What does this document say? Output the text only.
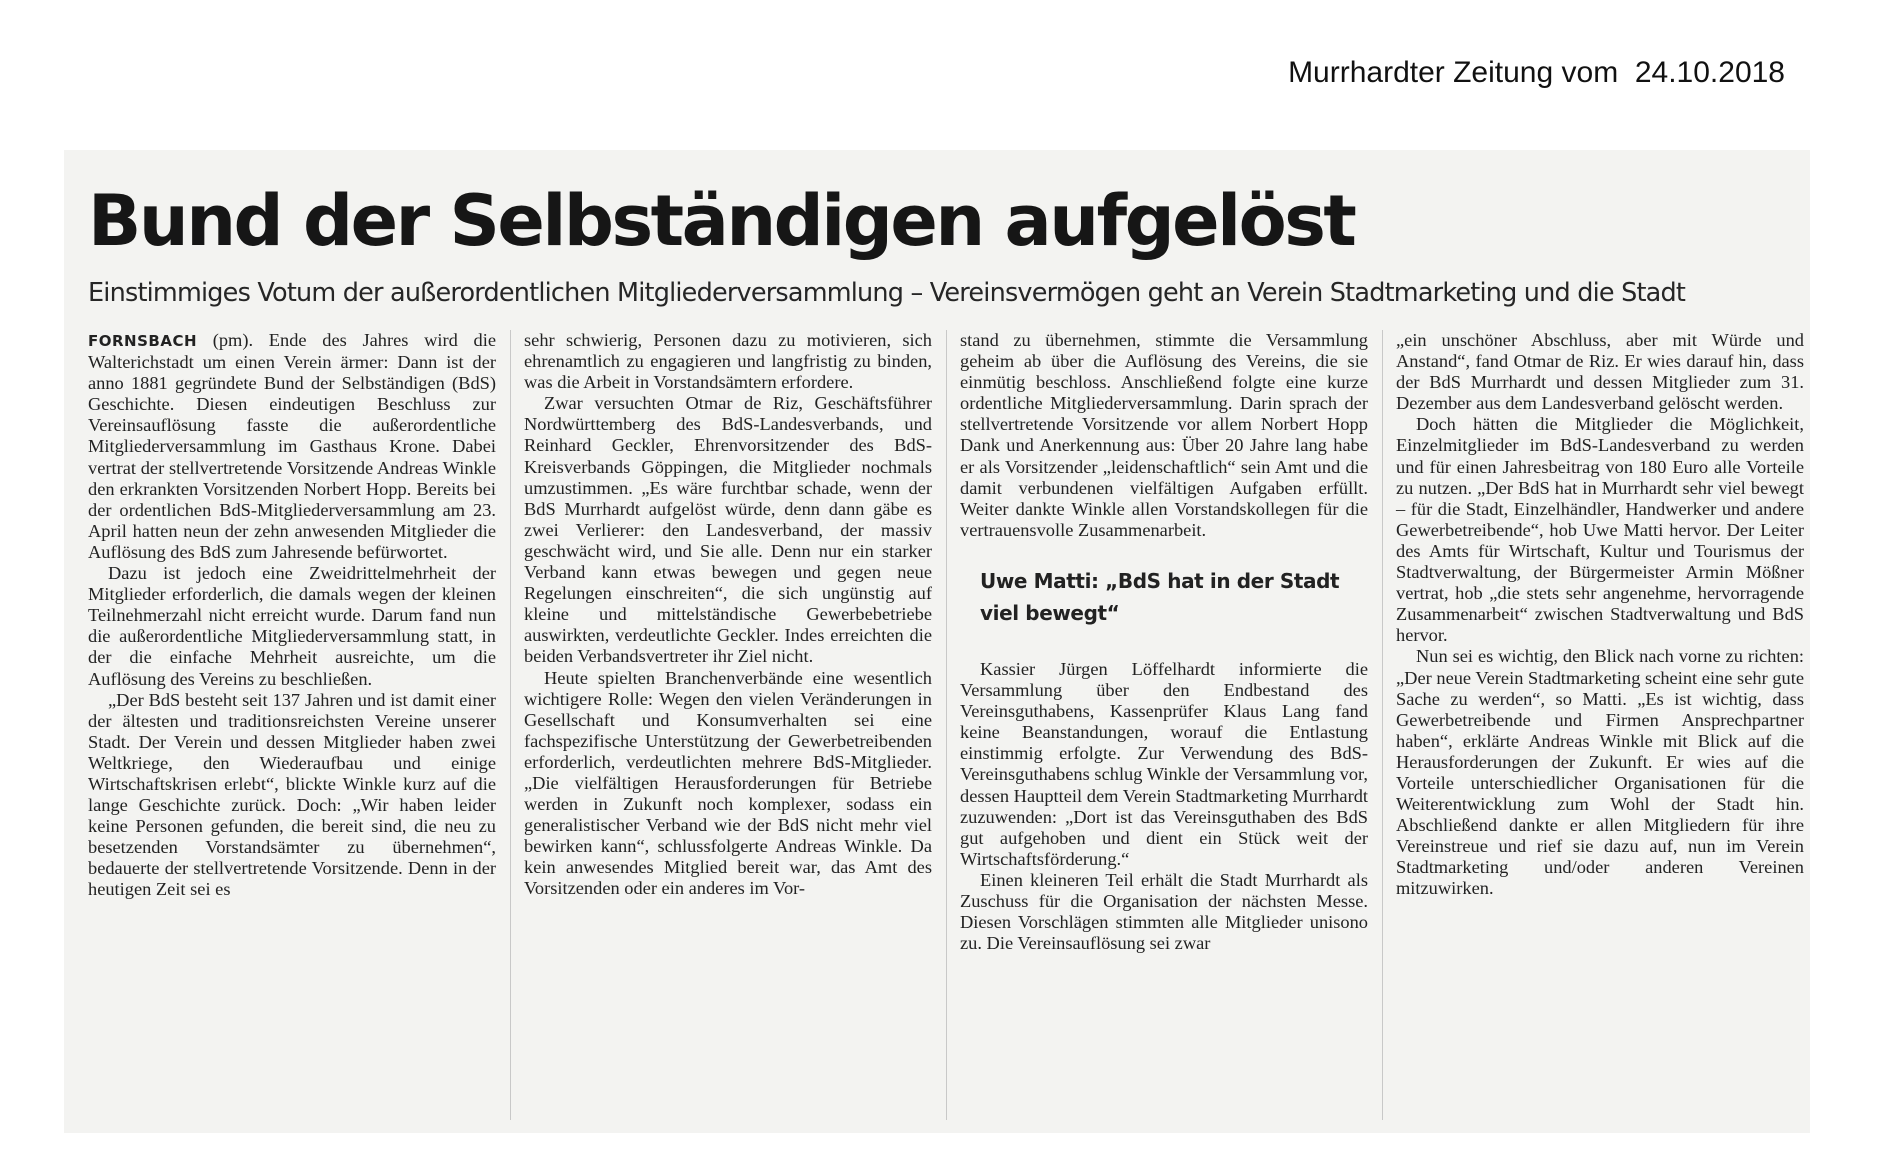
Murrhardter Zeitung vom  24.10.2018
Bund der Selbständigen aufgelöst
Einstimmiges Votum der außerordentlichen Mitgliederversammlung – Vereinsvermögen geht an Verein Stadtmarketing und die Stadt

FORNSBACH (pm). Ende des Jahres wird die Walterichstadt um einen Verein ärmer: Dann ist der anno 1881 gegründete Bund der Selbständigen (BdS) Geschichte. Diesen eindeutigen Beschluss zur Vereinsauflösung fasste die außerordentliche Mitgliederversammlung im Gasthaus Krone. Dabei vertrat der stellvertretende Vorsitzende Andreas Winkle den erkrankten Vorsitzenden Norbert Hopp. Bereits bei der ordentlichen BdS-Mitgliederversammlung am 23. April hatten neun der zehn anwesenden Mitglieder die Auflösung des BdS zum Jahresende befürwortet.

Dazu ist jedoch eine Zweidrittelmehrheit der Mitglieder erforderlich, die damals wegen der kleinen Teilnehmerzahl nicht erreicht wurde. Darum fand nun die außerordentliche Mitgliederversammlung statt, in der die einfache Mehrheit ausreichte, um die Auflösung des Vereins zu beschließen.

„Der BdS besteht seit 137 Jahren und ist damit einer der ältesten und traditionsreichsten Vereine unserer Stadt. Der Verein und dessen Mitglieder haben zwei Weltkriege, den Wiederaufbau und einige Wirtschaftskrisen erlebt“, blickte Winkle kurz auf die lange Geschichte zurück. Doch: „Wir haben leider keine Personen gefunden, die bereit sind, die neu zu besetzenden Vorstandsämter zu übernehmen“, bedauerte der stellvertretende Vorsitzende. Denn in der heutigen Zeit sei es

sehr schwierig, Personen dazu zu motivieren, sich ehrenamtlich zu engagieren und langfristig zu binden, was die Arbeit in Vorstandsämtern erfordere.

Zwar versuchten Otmar de Riz, Geschäftsführer Nordwürttemberg des BdS-Landesverbands, und Reinhard Geckler, Ehrenvorsitzender des BdS-Kreisverbands Göppingen, die Mitglieder nochmals umzustimmen. „Es wäre furchtbar schade, wenn der BdS Murrhardt aufgelöst würde, denn dann gäbe es zwei Verlierer: den Landesverband, der massiv geschwächt wird, und Sie alle. Denn nur ein starker Verband kann etwas bewegen und gegen neue Regelungen einschreiten“, die sich ungünstig auf kleine und mittelständische Gewerbebetriebe auswirkten, verdeutlichte Geckler. Indes erreichten die beiden Verbandsvertreter ihr Ziel nicht.

Heute spielten Branchenverbände eine wesentlich wichtigere Rolle: Wegen den vielen Veränderungen in Gesellschaft und Konsumverhalten sei eine fachspezifische Unterstützung der Gewerbetreibenden erforderlich, verdeutlichten mehrere BdS-Mitglieder. „Die vielfältigen Herausforderungen für Betriebe werden in Zukunft noch komplexer, sodass ein generalistischer Verband wie der BdS nicht mehr viel bewirken kann“, schlussfolgerte Andreas Winkle. Da kein anwesendes Mitglied bereit war, das Amt des Vorsitzenden oder ein anderes im Vor-

stand zu übernehmen, stimmte die Versammlung geheim ab über die Auflösung des Vereins, die sie einmütig beschloss. Anschließend folgte eine kurze ordentliche Mitgliederversammlung. Darin sprach der stellvertretende Vorsitzende vor allem Norbert Hopp Dank und Anerkennung aus: Über 20 Jahre lang habe er als Vorsitzender „leidenschaftlich“ sein Amt und die damit verbundenen vielfältigen Aufgaben erfüllt. Weiter dankte Winkle allen Vorstandskollegen für die vertrauensvolle Zusammenarbeit.

Uwe Matti: „BdS hat in der Stadt viel bewegt“

Kassier Jürgen Löffelhardt informierte die Versammlung über den Endbestand des Vereinsguthabens, Kassenprüfer Klaus Lang fand keine Beanstandungen, worauf die Entlastung einstimmig erfolgte. Zur Verwendung des BdS-Vereinsguthabens schlug Winkle der Versammlung vor, dessen Hauptteil dem Verein Stadtmarketing Murrhardt zuzuwenden: „Dort ist das Vereinsguthaben des BdS gut aufgehoben und dient ein Stück weit der Wirtschaftsförderung.“

Einen kleineren Teil erhält die Stadt Murrhardt als Zuschuss für die Organisation der nächsten Messe. Diesen Vorschlägen stimmten alle Mitglieder unisono zu. Die Vereinsauflösung sei zwar

„ein unschöner Abschluss, aber mit Würde und Anstand“, fand Otmar de Riz. Er wies darauf hin, dass der BdS Murrhardt und dessen Mitglieder zum 31. Dezember aus dem Landesverband gelöscht werden.

Doch hätten die Mitglieder die Möglichkeit, Einzelmitglieder im BdS-Landesverband zu werden und für einen Jahresbeitrag von 180 Euro alle Vorteile zu nutzen. „Der BdS hat in Murrhardt sehr viel bewegt – für die Stadt, Einzelhändler, Handwerker und andere Gewerbetreibende“, hob Uwe Matti hervor. Der Leiter des Amts für Wirtschaft, Kultur und Tourismus der Stadtverwaltung, der Bürgermeister Armin Mößner vertrat, hob „die stets sehr angenehme, hervorragende Zusammenarbeit“ zwischen Stadtverwaltung und BdS hervor.

Nun sei es wichtig, den Blick nach vorne zu richten: „Der neue Verein Stadtmarketing scheint eine sehr gute Sache zu werden“, so Matti. „Es ist wichtig, dass Gewerbetreibende und Firmen Ansprechpartner haben“, erklärte Andreas Winkle mit Blick auf die Herausforderungen der Zukunft. Er wies auf die Vorteile unterschiedlicher Organisationen für die Weiterentwicklung zum Wohl der Stadt hin. Abschließend dankte er allen Mitgliedern für ihre Vereinstreue und rief sie dazu auf, nun im Verein Stadtmarketing und/oder anderen Vereinen mitzuwirken.
